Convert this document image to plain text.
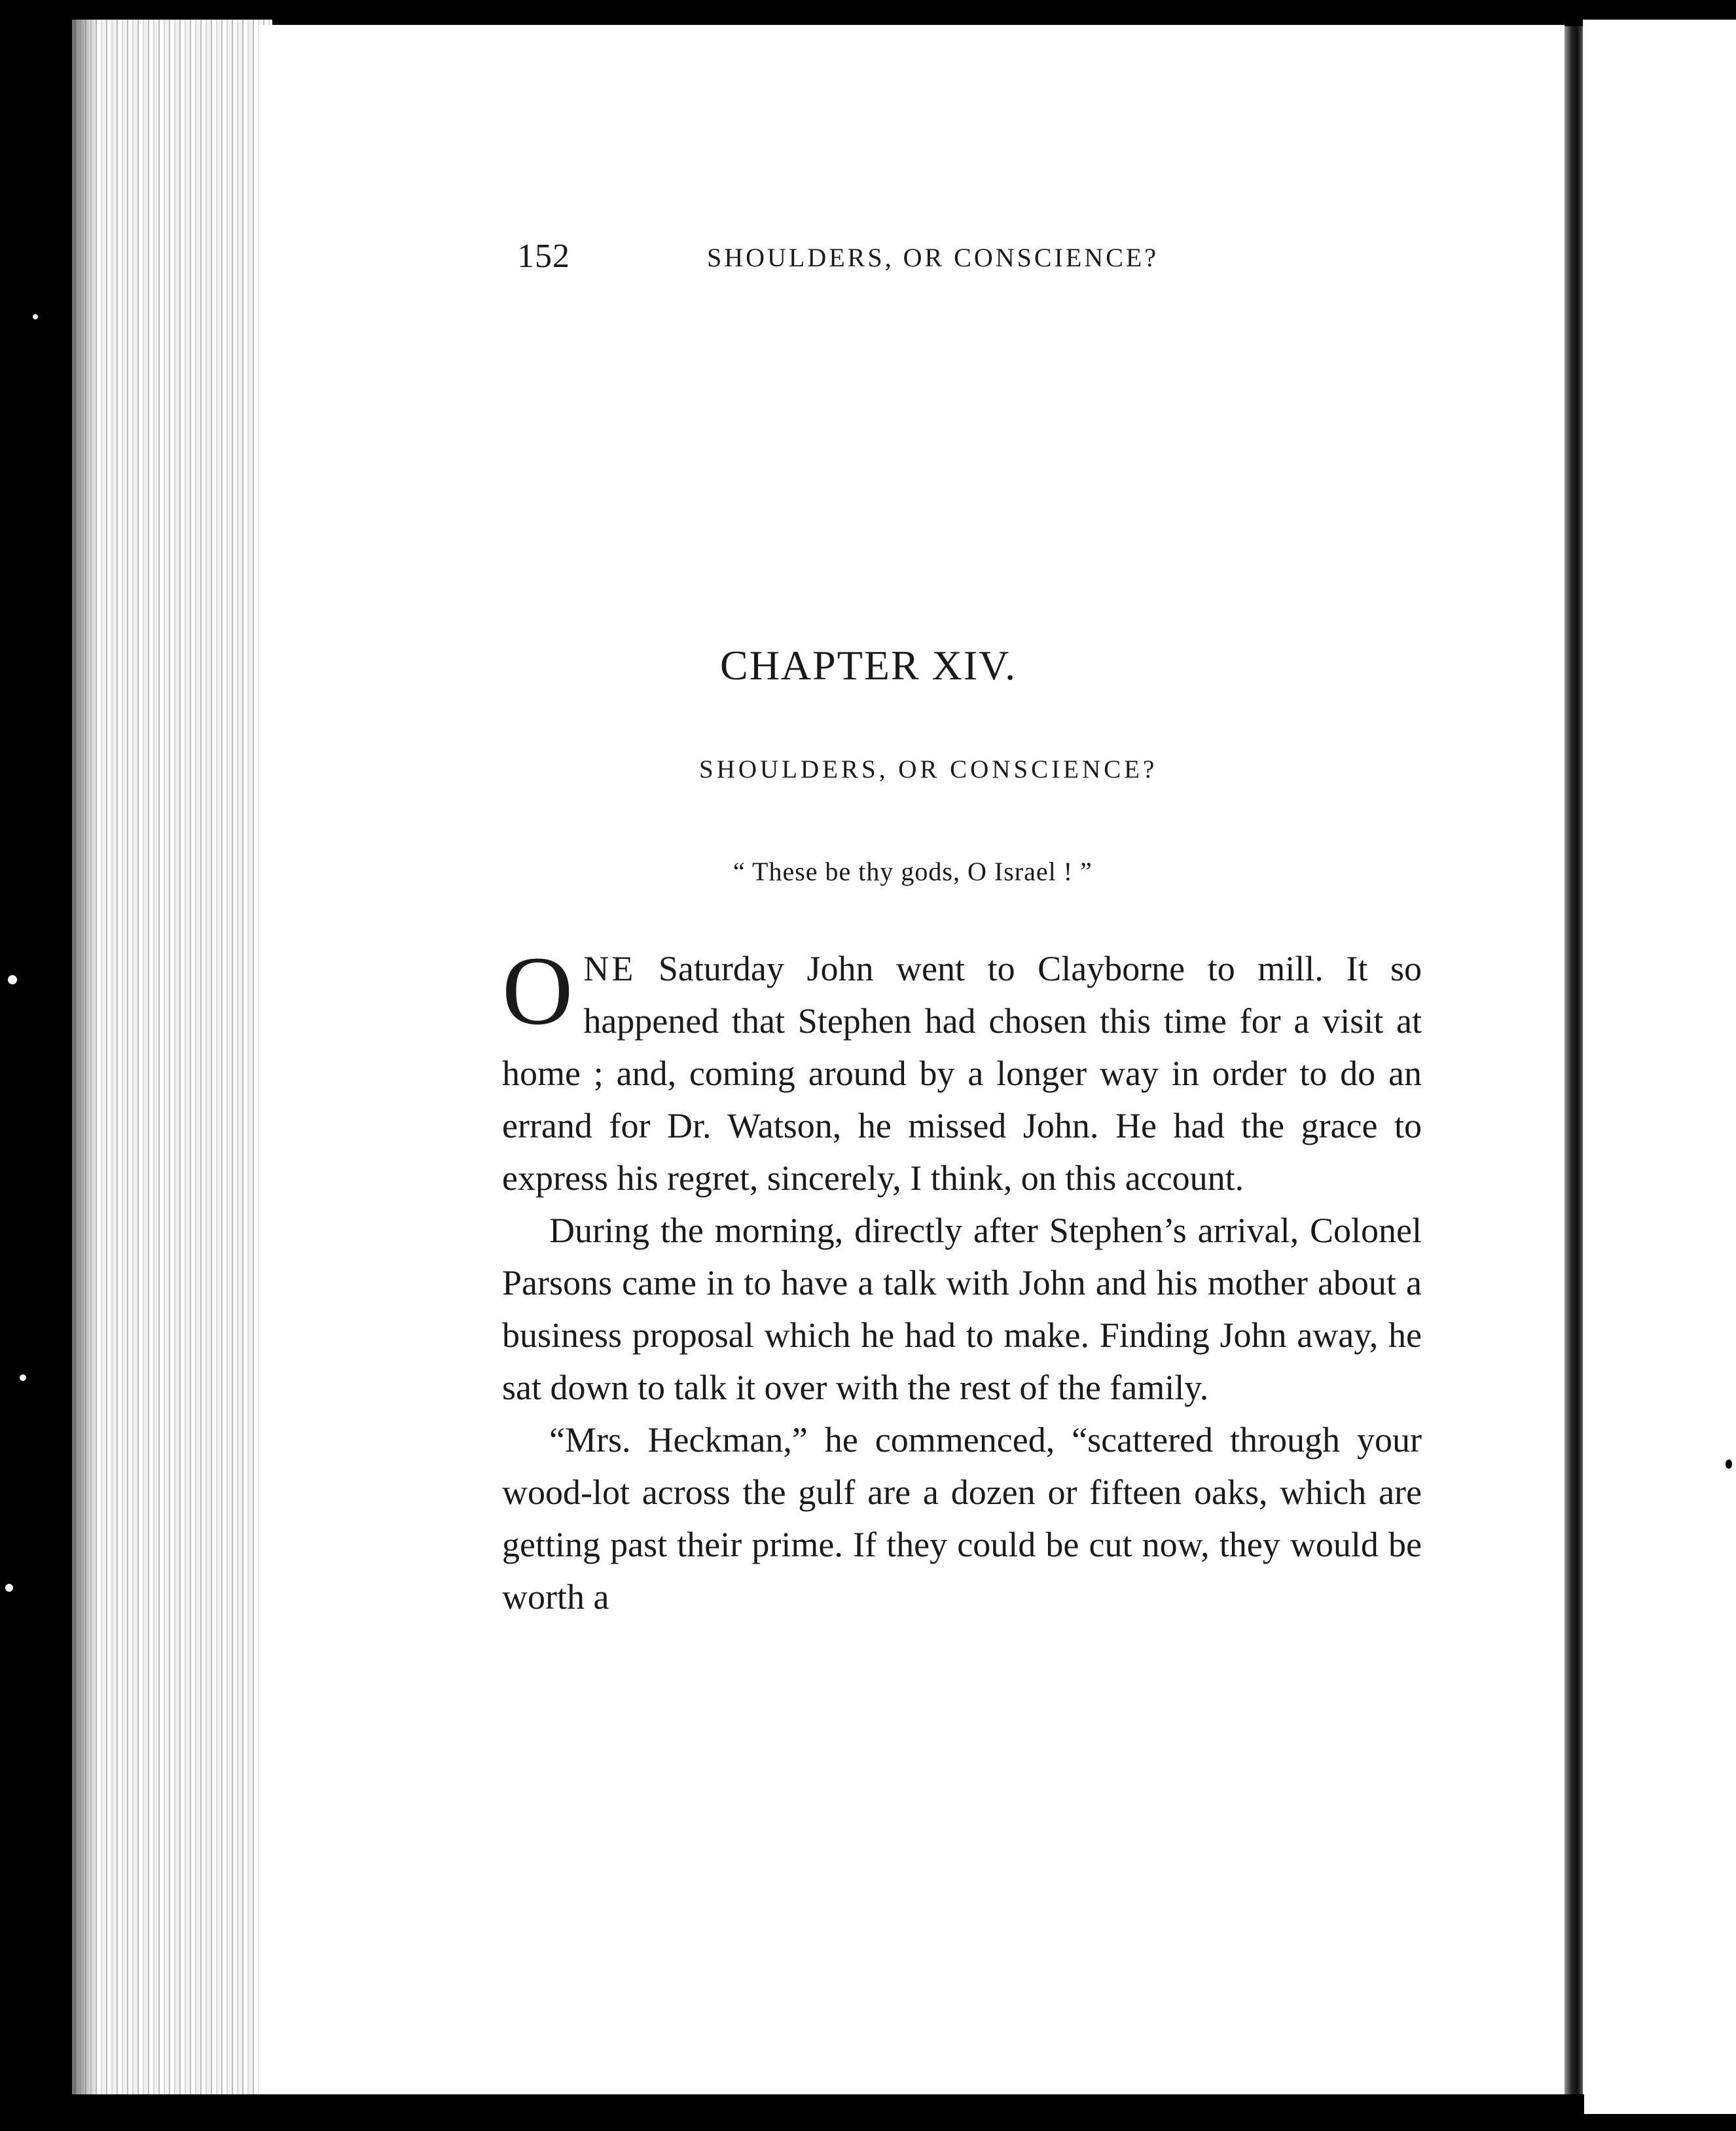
152	SHOULDERS, OR CONSCIENCE?
CHAPTER XIV.
SHOULDERS, OR CONSCIENCE?
“ These be thy gods, O Israel ! ”

ONE Saturday John went to Clayborne to mill. It so happened that Stephen had chosen this time for a visit at home ; and, coming around by a longer way in order to do an errand for Dr. Watson, he missed John. He had the grace to express his regret, sincerely, I think, on this account.

During the morning, directly after Stephen’s arrival, Colonel Parsons came in to have a talk with John and his mother about a business proposal which he had to make. Finding John away, he sat down to talk it over with the rest of the family.

“Mrs. Heckman,” he commenced, “scattered through your wood-lot across the gulf are a dozen or fifteen oaks, which are getting past their prime. If they could be cut now, they would be worth a
